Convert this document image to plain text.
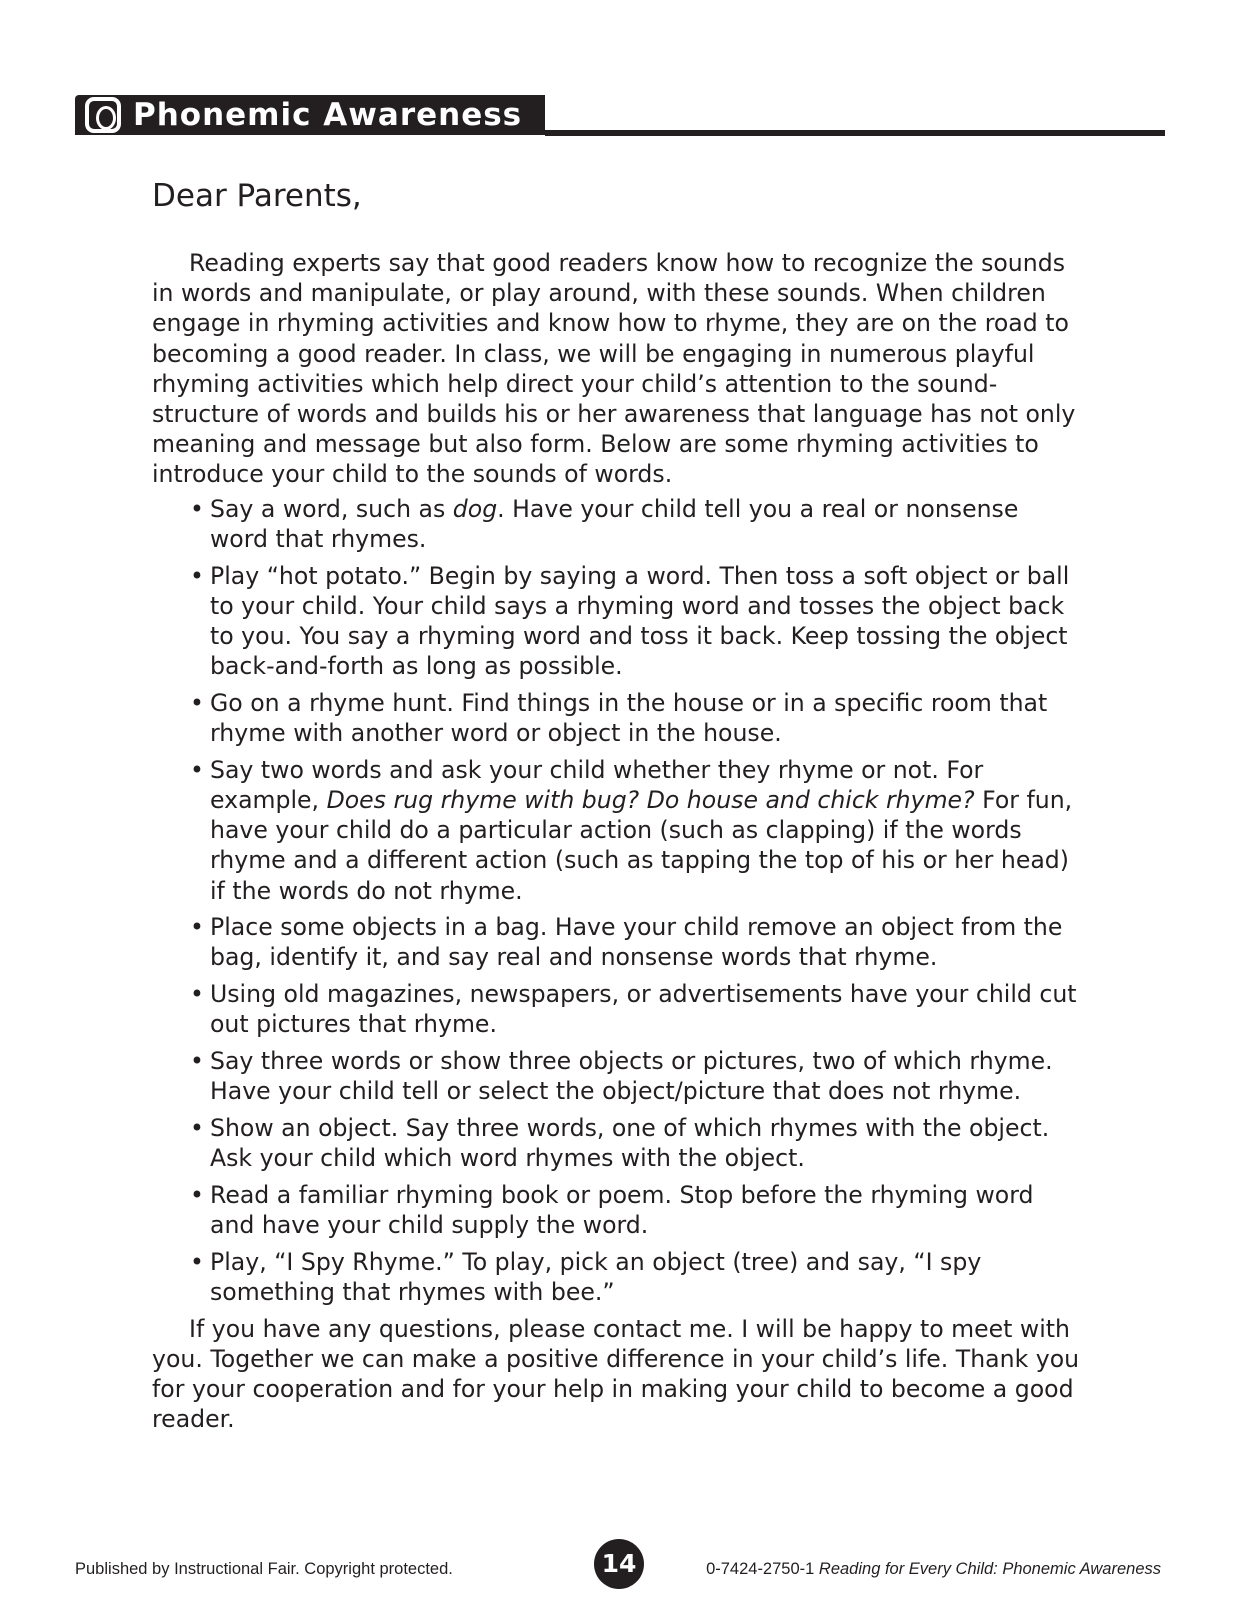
Phonemic Awareness

Dear Parents,

Reading experts say that good readers know how to recognize the sounds in words and manipulate, or play around, with these sounds. When children engage in rhyming activities and know how to rhyme, they are on the road to becoming a good reader. In class, we will be engaging in numerous playful rhyming activities which help direct your child’s attention to the sound-structure of words and builds his or her awareness that language has not only meaning and message but also form. Below are some rhyming activities to introduce your child to the sounds of words.

• Say a word, such as dog. Have your child tell you a real or nonsense word that rhymes.
• Play “hot potato.” Begin by saying a word. Then toss a soft object or ball to your child. Your child says a rhyming word and tosses the object back to you. You say a rhyming word and toss it back. Keep tossing the object back-and-forth as long as possible.
• Go on a rhyme hunt. Find things in the house or in a specific room that rhyme with another word or object in the house.
• Say two words and ask your child whether they rhyme or not. For example, Does rug rhyme with bug? Do house and chick rhyme? For fun, have your child do a particular action (such as clapping) if the words rhyme and a different action (such as tapping the top of his or her head) if the words do not rhyme.
• Place some objects in a bag. Have your child remove an object from the bag, identify it, and say real and nonsense words that rhyme.
• Using old magazines, newspapers, or advertisements have your child cut out pictures that rhyme.
• Say three words or show three objects or pictures, two of which rhyme. Have your child tell or select the object/picture that does not rhyme.
• Show an object. Say three words, one of which rhymes with the object. Ask your child which word rhymes with the object.
• Read a familiar rhyming book or poem. Stop before the rhyming word and have your child supply the word.
• Play, “I Spy Rhyme.” To play, pick an object (tree) and say, “I spy something that rhymes with bee.”

If you have any questions, please contact me. I will be happy to meet with you. Together we can make a positive difference in your child’s life. Thank you for your cooperation and for your help in making your child to become a good reader.

Published by Instructional Fair. Copyright protected.	14	0-7424-2750-1 Reading for Every Child: Phonemic Awareness
